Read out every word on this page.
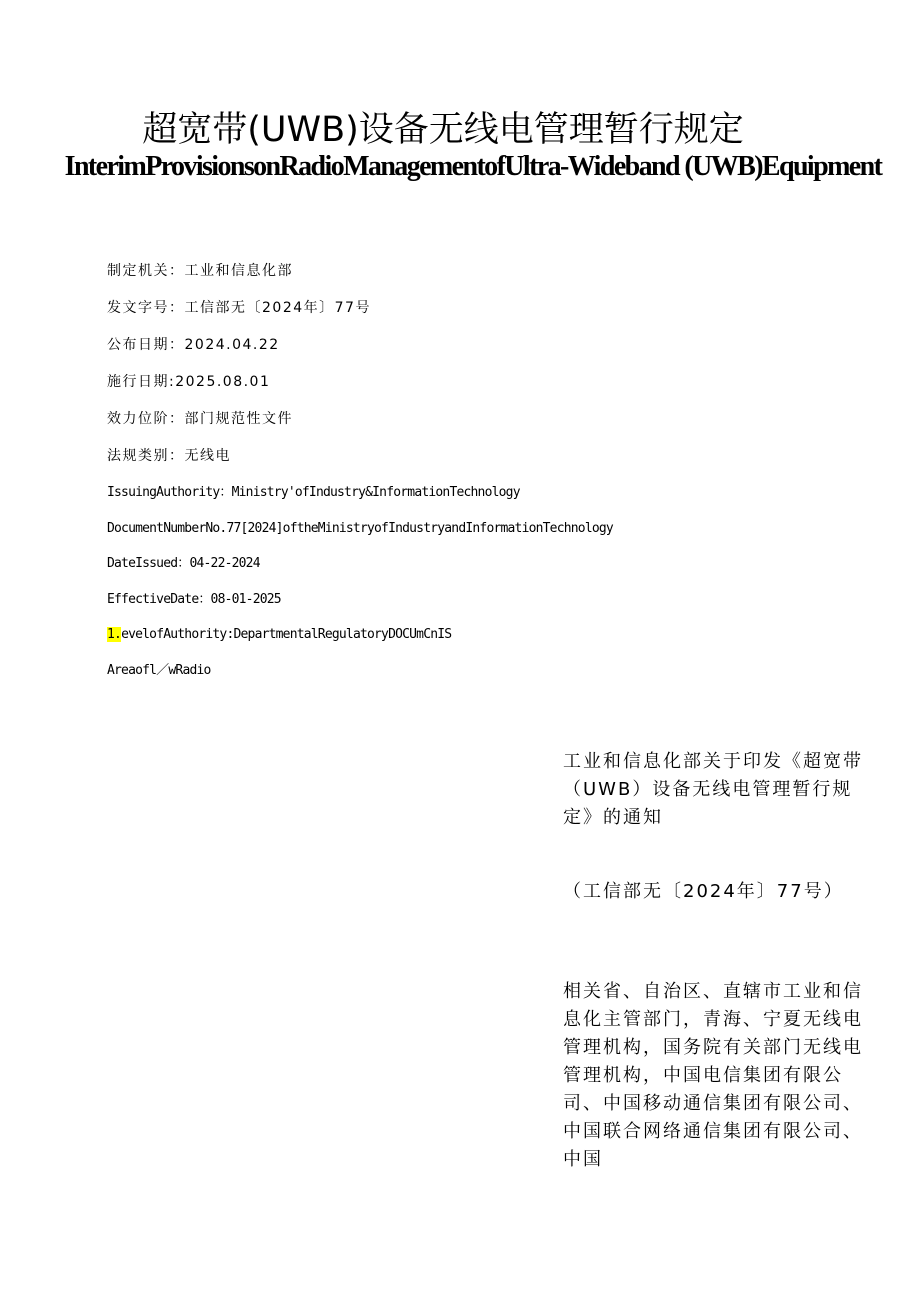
超宽带(UWB)设备无线电管理暂行规定
InterimProvisionsonRadioManagementofUltra-Wideband (UWB)Equipment
制定机关：工业和信息化部
发文字号：工信部无〔2024年〕77号
公布日期：2024.04.22
施行日期:2025.08.01
效力位阶：部门规范性文件
法规类别：无线电
IssuingAuthority：Ministry'ofIndustry&InformationTechnology
DocumentNumberNo.77[2024]oftheMinistryofIndustryandInformationTechnology
DateIssued：04-22-2024
EffectiveDate：08-01-2025
1.evelofAuthority:DepartmentalRegulatoryDOCUmCnIS
Areaofl／wRadio
工业和信息化部关于印发《超宽带（UWB）设备无线电管理暂行规定》的通知
（工信部无〔2024年〕77号）
相关省、自治区、直辖市工业和信息化主管部门，青海、宁夏无线电管理机构，国务院有关部门无线电管理机构，中国电信集团有限公司、中国移动通信集团有限公司、中国联合网络通信集团有限公司、中国
